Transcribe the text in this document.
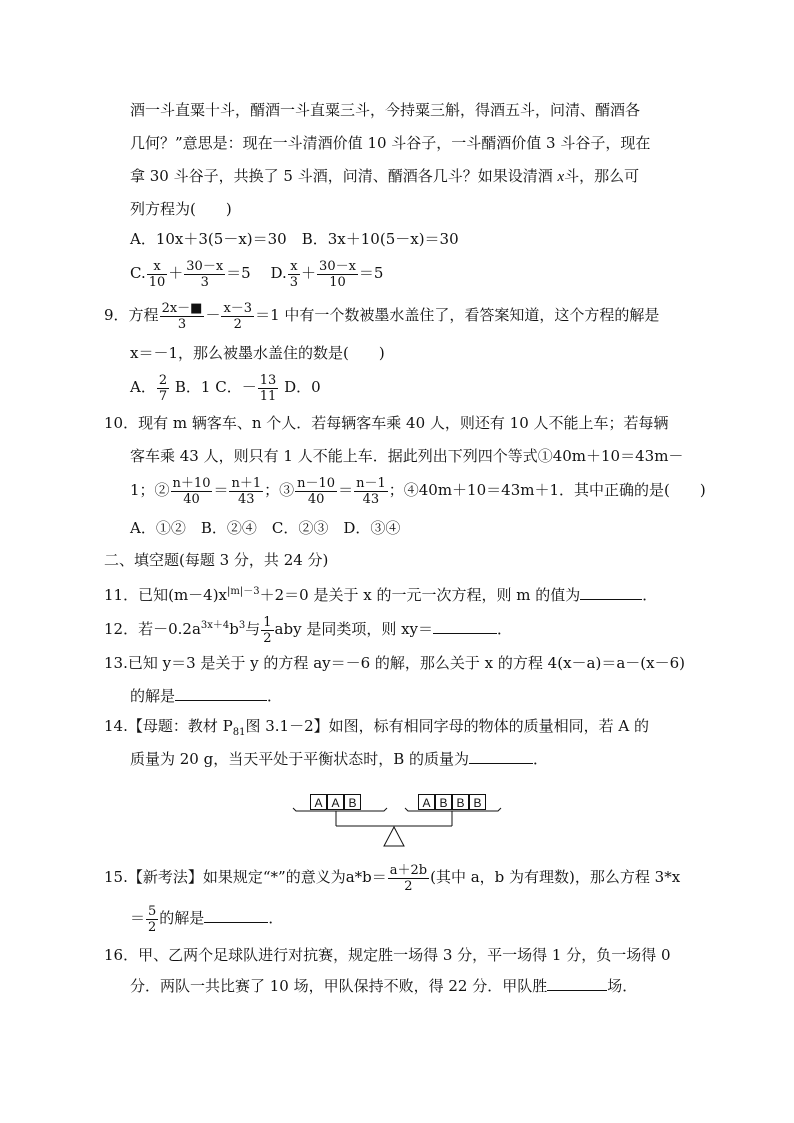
酒一斗直粟十斗，醑酒一斗直粟三斗，今持粟三斛，得酒五斗，问清、醑酒各
几何？”意思是：现在一斗清酒价值 10 斗谷子，一斗醑酒价值 3 斗谷子，现在
拿 30 斗谷子，共换了 5 斗酒，问清、醑酒各几斗？如果设清酒 x斗，那么可
列方程为(　　)
A．10x＋3(5－x)＝30　 B．3x＋10(5－x)＝30
C. $\frac{x}{10} + \frac{30-x}{3} =5$ 　 D. $\frac{x}{3} + \frac{30-x}{10} =5$
9．方程 $\frac{2x-■}{3} - \frac{x-3}{2} =1$ 中有一个数被墨水盖住了，看答案知道，这个方程的解是
x＝－1，那么被墨水盖住的数是(　　)
A． $\frac{2}{7}$ B．1 C．－ $\frac{13}{11}$ D．0
10．现有 m 辆客车、n 个人．若每辆客车乘 40 人，则还有 10 人不能上车；若每辆
客车乘 43 人，则只有 1 人不能上车．据此列出下列四个等式①40m＋10＝43m－
1；② $\frac{n+10}{40} = \frac{n+1}{43}$ ；③ $\frac{n-10}{40} = \frac{n-1}{43}$ ；④40m＋10＝43m＋1．其中正确的是(　　)
A．①②　B．②④　C．②③　D．③④
二、填空题(每题 3 分，共 24 分)
11．已知$(m-4)x^{|m|-3}+2=0$ 是关于 x 的一元一次方程，则 m 的值为	．
12．若$-0.2a^{3x+4}b^3$与 $\frac{1}{2}$ aby 是同类项，则 xy＝	．
13.已知 y＝3 是关于 y 的方程 ay＝－6 的解，那么关于 x 的方程 4(x－a)＝a－(x－6)
的解是	．
14.【母题：教材 $P_{81}$图 3.1－2】如图，标有相同字母的物体的质量相同，若 A 的
质量为 20 g，当天平处于平衡状态时，B 的质量为	．
A A B	A B B B
15.【新考法】如果规定“*”的意义为$a*b= \frac{a+2b}{2}$ (其中 a，b 为有理数)，那么方程 3*x
＝ $\frac{5}{2}$ 的解是	．
16．甲、乙两个足球队进行对抗赛，规定胜一场得 3 分，平一场得 1 分，负一场得 0
分．两队一共比赛了 10 场，甲队保持不败，得 22 分．甲队胜	场．
